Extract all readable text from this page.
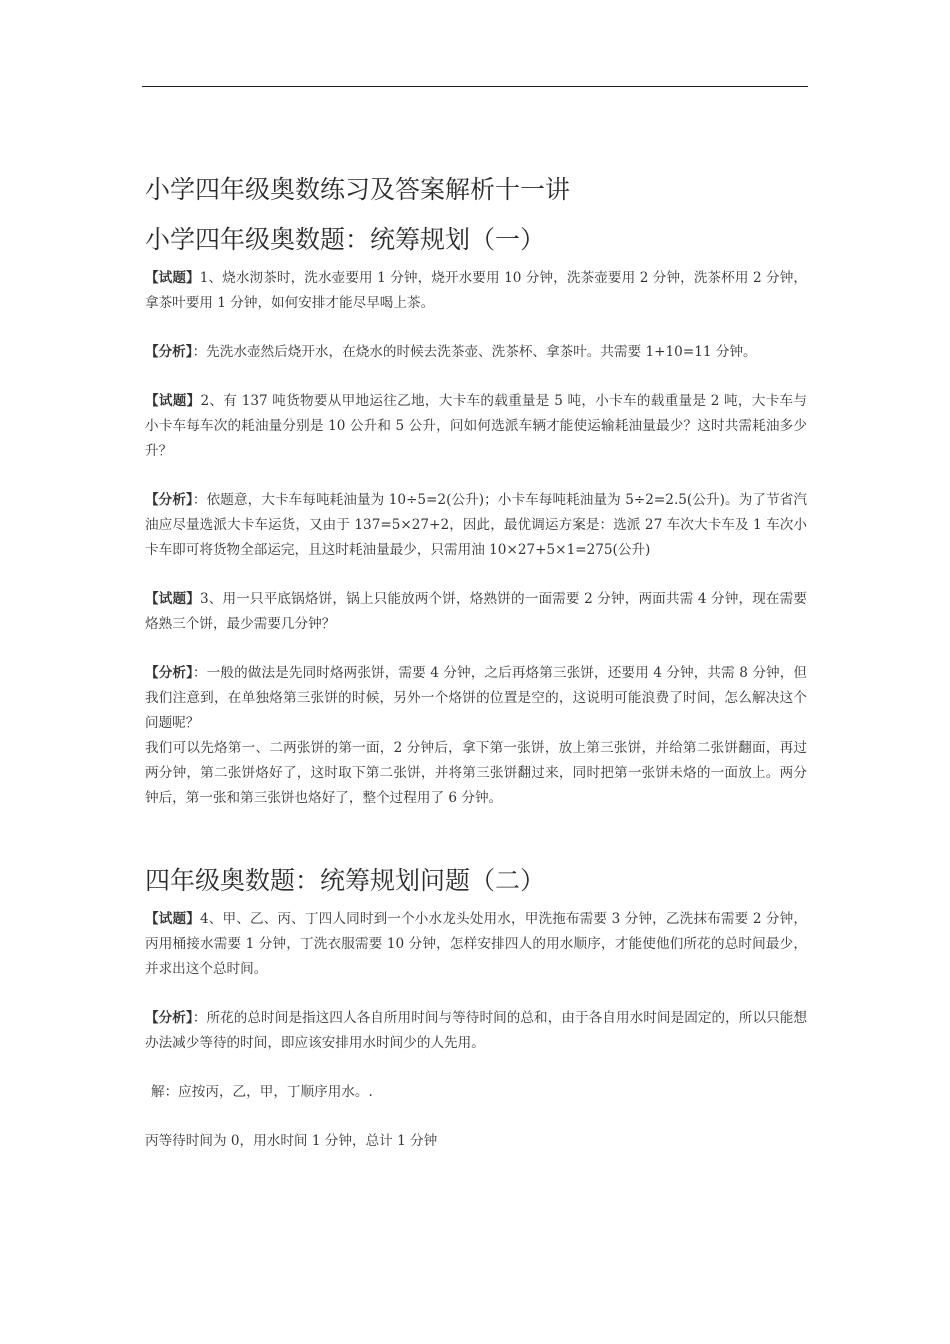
小学四年级奥数练习及答案解析十一讲
小学四年级奥数题：统筹规划（一）

【试题】1、烧水沏茶时，洗水壶要用 1 分钟，烧开水要用 10 分钟，洗茶壶要用 2 分钟，洗茶杯用 2 分钟，拿茶叶要用 1 分钟，如何安排才能尽早喝上茶。

【分析】：先洗水壶然后烧开水，在烧水的时候去洗茶壶、洗茶杯、拿茶叶。共需要 1+10=11 分钟。

【试题】2、有 137 吨货物要从甲地运往乙地，大卡车的载重量是 5 吨，小卡车的载重量是 2 吨，大卡车与小卡车每车次的耗油量分别是 10 公升和 5 公升，问如何选派车辆才能使运输耗油量最少？这时共需耗油多少升？

【分析】：依题意，大卡车每吨耗油量为 10÷5=2(公升)；小卡车每吨耗油量为 5÷2=2.5(公升)。为了节省汽油应尽量选派大卡车运货，又由于 137=5×27+2，因此，最优调运方案是：选派 27 车次大卡车及 1 车次小卡车即可将货物全部运完，且这时耗油量最少，只需用油 10×27+5×1=275(公升)

【试题】3、用一只平底锅烙饼，锅上只能放两个饼，烙熟饼的一面需要 2 分钟，两面共需 4 分钟，现在需要烙熟三个饼，最少需要几分钟？

【分析】：一般的做法是先同时烙两张饼，需要 4 分钟，之后再烙第三张饼，还要用 4 分钟，共需 8 分钟，但我们注意到，在单独烙第三张饼的时候，另外一个烙饼的位置是空的，这说明可能浪费了时间，怎么解决这个问题呢？

我们可以先烙第一、二两张饼的第一面，2 分钟后，拿下第一张饼，放上第三张饼，并给第二张饼翻面，再过两分钟，第二张饼烙好了，这时取下第二张饼，并将第三张饼翻过来，同时把第一张饼未烙的一面放上。两分钟后，第一张和第三张饼也烙好了，整个过程用了 6 分钟。

四年级奥数题：统筹规划问题（二）

【试题】4、甲、乙、丙、丁四人同时到一个小水龙头处用水，甲洗拖布需要 3 分钟，乙洗抹布需要 2 分钟，丙用桶接水需要 1 分钟，丁洗衣服需要 10 分钟，怎样安排四人的用水顺序，才能使他们所花的总时间最少，并求出这个总时间。

【分析】：所花的总时间是指这四人各自所用时间与等待时间的总和，由于各自用水时间是固定的，所以只能想办法减少等待的时间，即应该安排用水时间少的人先用。

解：应按丙，乙，甲，丁顺序用水。.

丙等待时间为 0，用水时间 1 分钟，总计 1 分钟
